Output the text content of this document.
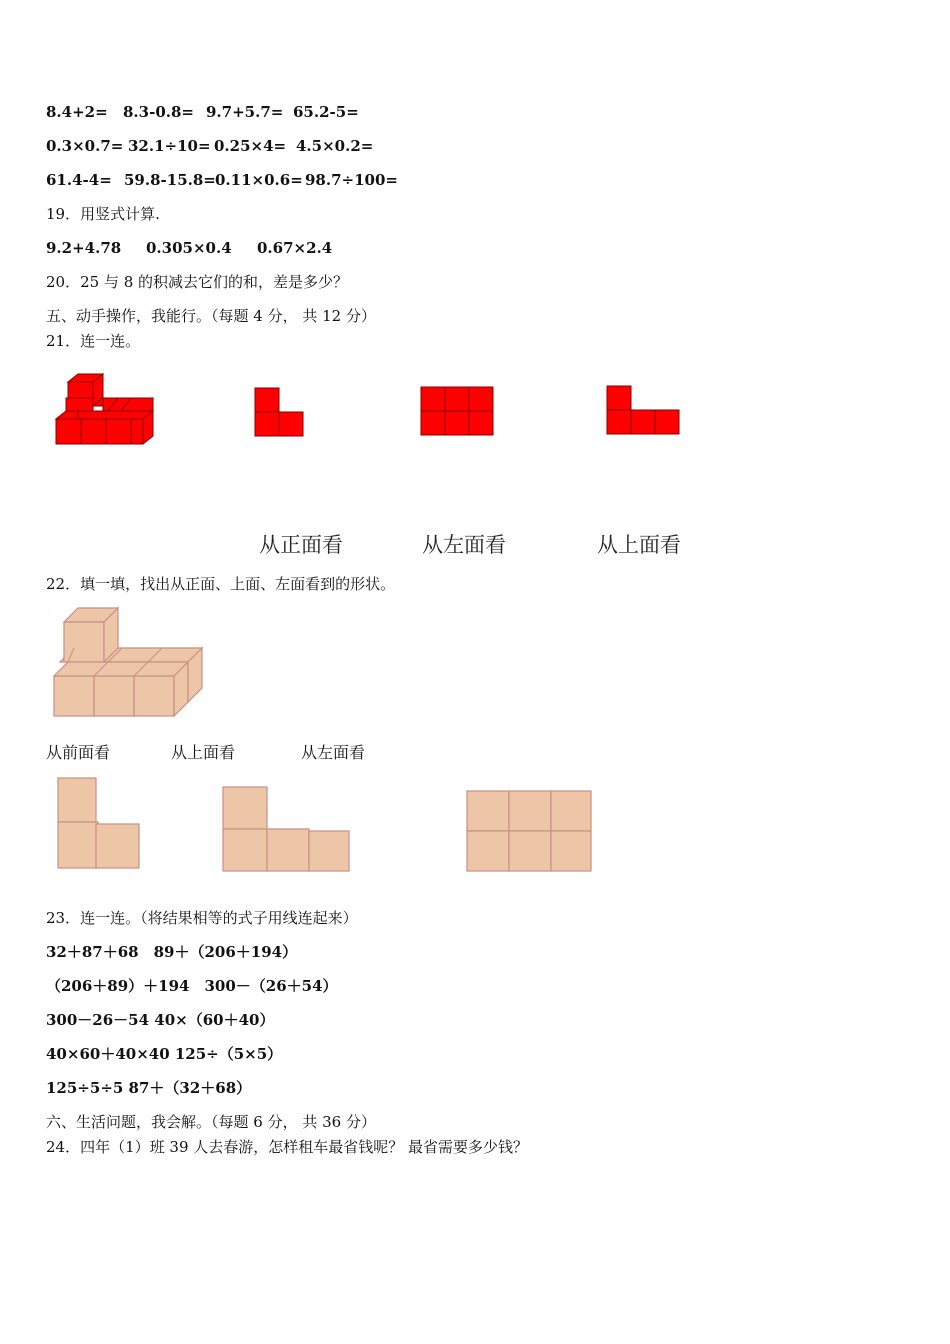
8.4+2= 8.3-0.8= 9.7+5.7= 65.2-5=
0.3×0.7= 32.1÷10= 0.25×4= 4.5×0.2=
61.4-4= 59.8-15.8= 0.11×0.6= 98.7÷100=
19．用竖式计算.
9.2+4.78 0.305×0.4 0.67×2.4
20．25 与 8 的积减去它们的和，差是多少？
五、动手操作，我能行。（每题 4 分， 共 12 分）
21．连一连。
从正面看	从左面看	从上面看
22．填一填，找出从正面、上面、左面看到的形状。
从前面看	从上面看	从左面看
23．连一连。（将结果相等的式子用线连起来）
32＋87＋68　89＋（206＋194）
（206＋89）＋194　300－（26＋54）
300－26－54 40×（60＋40）
40×60＋40×40 125÷（5×5）
125÷5÷5 87＋（32＋68）
六、生活问题，我会解。（每题 6 分， 共 36 分）
24．四年（1）班 39 人去春游，怎样租车最省钱呢？ 最省需要多少钱？
